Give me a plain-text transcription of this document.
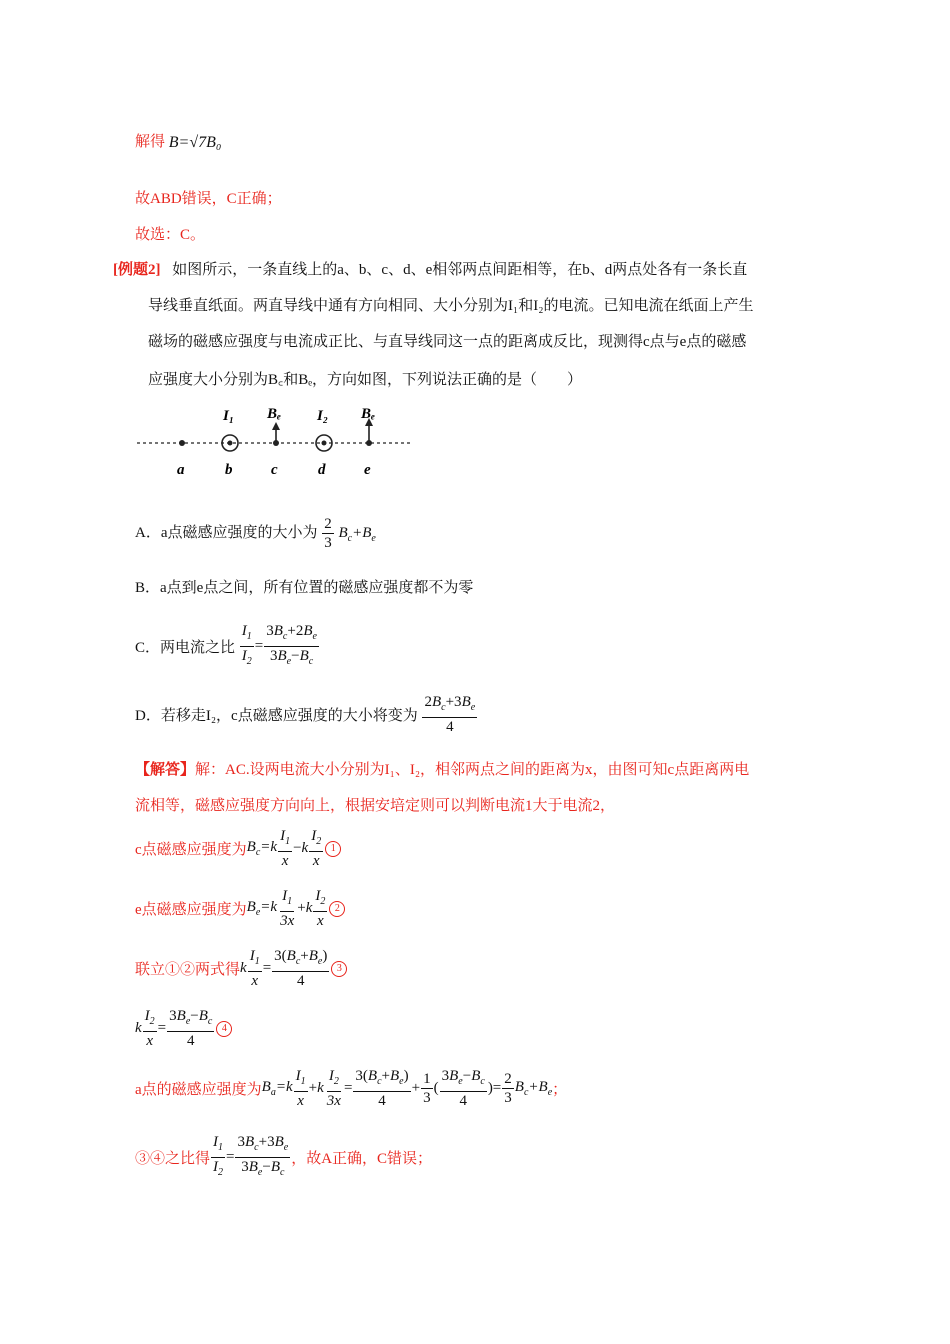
解得 B=√7B₀
故ABD错误，C正确；
故选：C。
[例题2] 如图所示，一条直线上的a、b、c、d、e相邻两点间距相等，在b、d两点处各有一条长直
导线垂直纸面。两直导线中通有方向相同、大小分别为I₁和I₂的电流。已知电流在纸面上产生
磁场的磁感应强度与电流成正比、与直导线同这一点的距离成反比，现测得c点与e点的磁感
应强度大小分别为B꜀和Bₑ，方向如图，下列说法正确的是（　　）
I₁ Bₑ I₂ Bₑ
a	b	c	d	e
A．a点磁感应强度的大小为 $\frac{2}{3} B_c+B_e$
B．a点到e点之间，所有位置的磁感应强度都不为零
C．两电流之比 $\frac{I_1}{I_2} = \frac{3B_c+2B_e}{3B_e-B_c}$
D．若移走I₂，c点磁感应强度的大小将变为 $\frac{2B_c+3B_e}{4}$
【解答】解：AC.设两电流大小分别为I₁、I₂，相邻两点之间的距离为x，由图可知c点距离两电
流相等，磁感应强度方向向上，根据安培定则可以判断电流1大于电流2，
c点磁感应强度为$B_c=k \frac{I_1}{x} -k \frac{I_2}{x} 1$
e点磁感应强度为$B_e=k \frac{I_1}{3x} +k \frac{I_2}{x} 2$
联立①②两式得k $\frac{I_1}{x} = \frac{3(B_c+B_e)}{4} 3$
k $\frac{I_2}{x} = \frac{3B_e-B_c}{4} 4$
a点的磁感应强度为$B_a=k \frac{I_1}{x} +k \frac{I_2}{3x} = \frac{3(B_c+B_e)}{4} + \frac{1}{3}$ ( $\frac{3B_e-B_c}{4}$ )= $\frac{2}{3} B_c+B_e$；
③④之比得 $\frac{I_1}{I_2} = \frac{3B_c+3B_e}{3B_e-B_c}$ ，故A正确，C错误；
